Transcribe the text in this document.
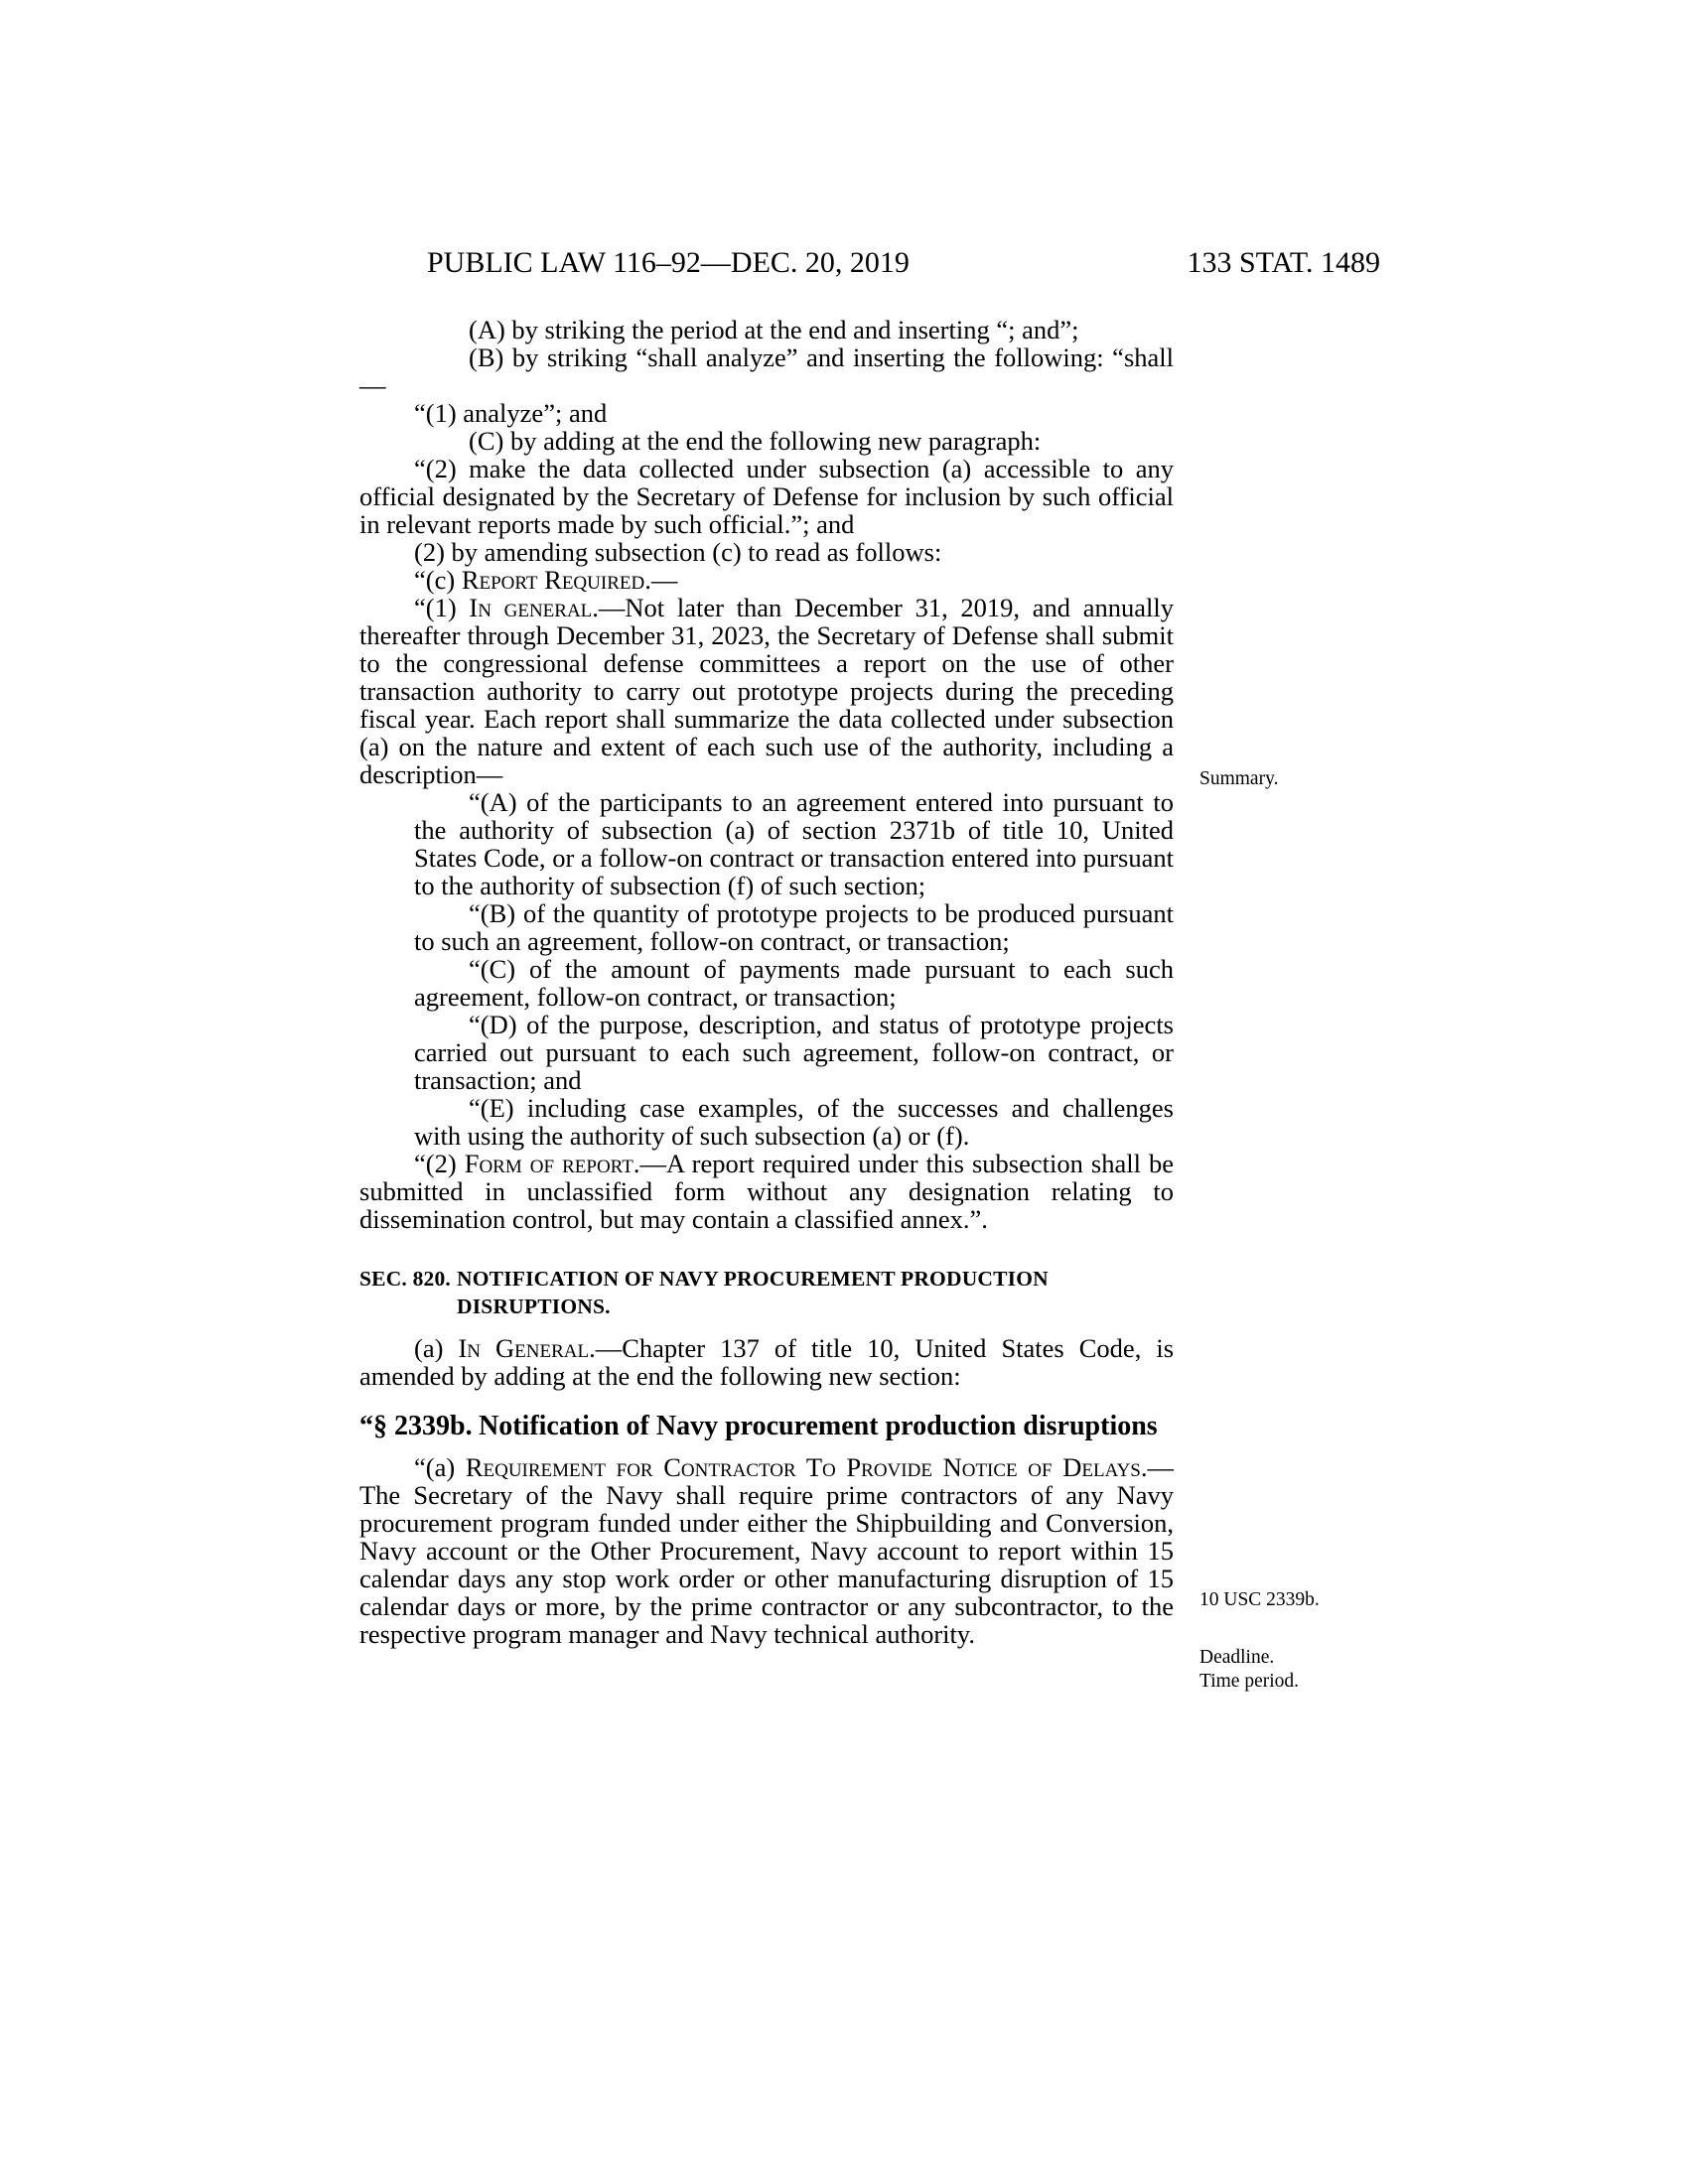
PUBLIC LAW 116–92—DEC. 20, 2019	133 STAT. 1489
Summary.
10 USC 2339b.
Deadline.
Time period.

(A) by striking the period at the end and inserting “; and”;

(B) by striking “shall analyze” and inserting the following: “shall—

“(1) analyze”; and

(C) by adding at the end the following new paragraph:

“(2) make the data collected under subsection (a) accessible to any official designated by the Secretary of Defense for inclusion by such official in relevant reports made by such official.”; and

(2) by amending subsection (c) to read as follows:

“(c) Report Required.—

“(1) In general.—Not later than December 31, 2019, and annually thereafter through December 31, 2023, the Secretary of Defense shall submit to the congressional defense committees a report on the use of other transaction authority to carry out prototype projects during the preceding fiscal year. Each report shall summarize the data collected under subsection (a) on the nature and extent of each such use of the authority, including a description—

“(A) of the participants to an agreement entered into pursuant to the authority of subsection (a) of section 2371b of title 10, United States Code, or a follow-on contract or transaction entered into pursuant to the authority of subsection (f) of such section;

“(B) of the quantity of prototype projects to be produced pursuant to such an agreement, follow-on contract, or transaction;

“(C) of the amount of payments made pursuant to each such agreement, follow-on contract, or transaction;

“(D) of the purpose, description, and status of prototype projects carried out pursuant to each such agreement, follow-on contract, or transaction; and

“(E) including case examples, of the successes and challenges with using the authority of such subsection (a) or (f).

“(2) Form of report.—A report required under this subsection shall be submitted in unclassified form without any designation relating to dissemination control, but may contain a classified annex.”.

SEC. 820. NOTIFICATION OF NAVY PROCUREMENT PRODUCTION
DISRUPTIONS.

(a) In General.—Chapter 137 of title 10, United States Code, is amended by adding at the end the following new section:

“§ 2339b. Notification of Navy procurement production disruptions

“(a) Requirement for Contractor To Provide Notice of Delays.—The Secretary of the Navy shall require prime contractors of any Navy procurement program funded under either the Shipbuilding and Conversion, Navy account or the Other Procurement, Navy account to report within 15 calendar days any stop work order or other manufacturing disruption of 15 calendar days or more, by the prime contractor or any subcontractor, to the respective program manager and Navy technical authority.
